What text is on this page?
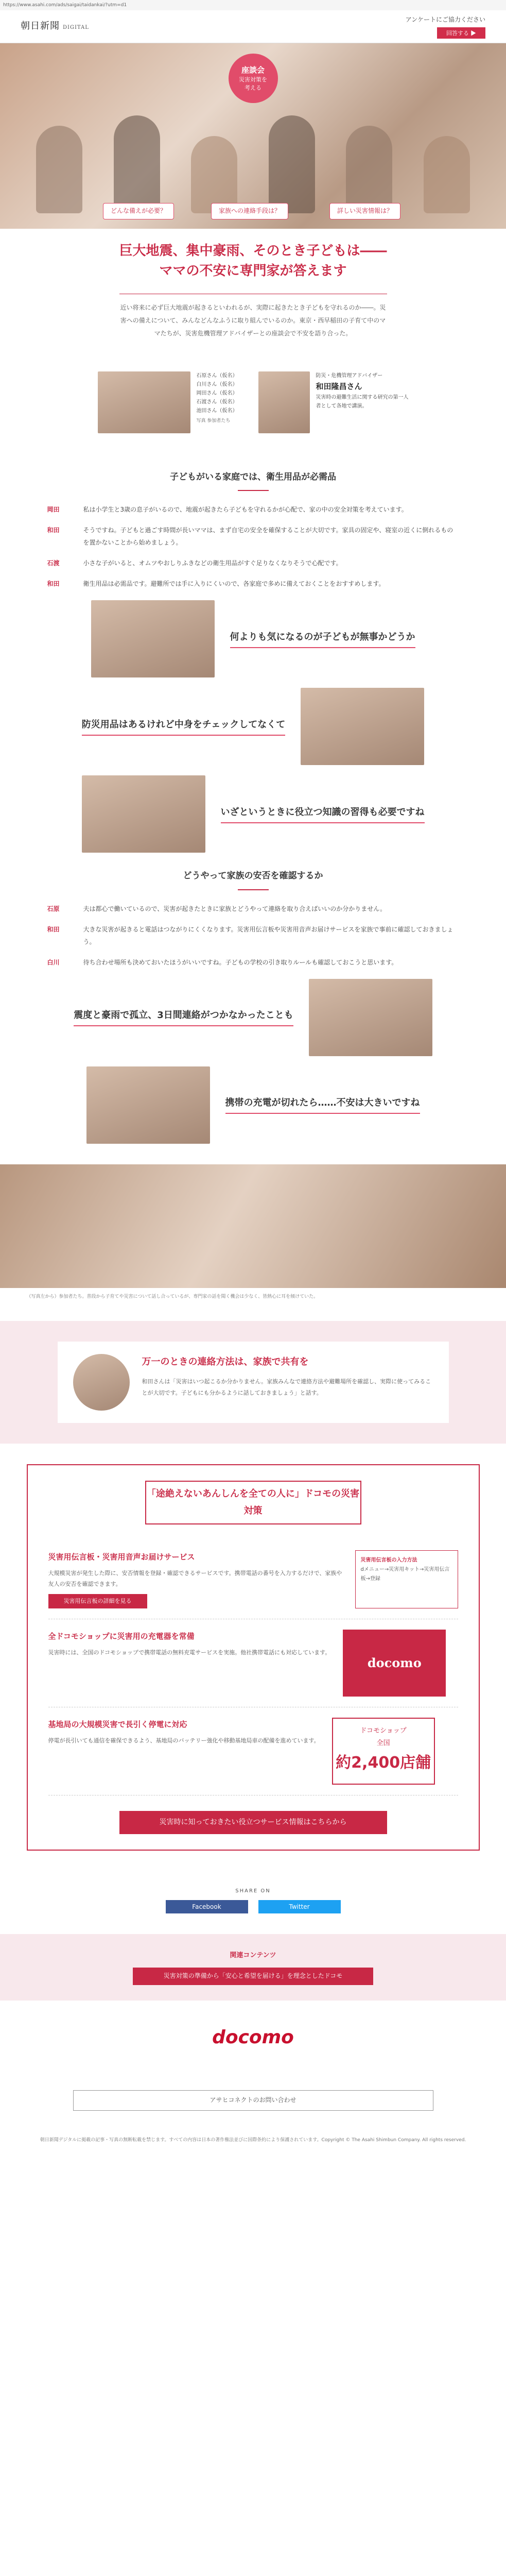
https://www.asahi.com/ads/saigai/taidankai/?utm=d1
朝日新聞 DIGITAL
アンケートにご協力ください
回答する ▶
座談会
災害対策を
考える
どんな備えが必要？	家族への連絡手段は？	詳しい災害情報は？
巨大地震、集中豪雨、そのとき子どもは――
ママの不安に専門家が答えます

近い将来に必ず巨大地震が起きるといわれるが、実際に起きたとき子どもを守れるのか――。災害への備えについて、みんなどんなふうに取り組んでいるのか。東京・西早稲田の子育て中のママたちが、災害危機管理アドバイザーとの座談会で不安を語り合った。

石原さん（仮名）
白川さん（仮名）
岡田さん（仮名）
石渡さん（仮名）
池田さん（仮名）
写真 参加者たち
防災・危機管理アドバイザー
和田隆昌さん
災害時の避難生活に関する研究の第一人者として各地で講演。
子どもがいる家庭では、衛生用品が必需品
岡田	私は小学生と3歳の息子がいるので、地震が起きたら子どもを守れるかが心配で、家の中の安全対策を考えています。
和田	そうですね。子どもと過ごす時間が長いママは、まず自宅の安全を確保することが大切です。家具の固定や、寝室の近くに倒れるものを置かないことから始めましょう。
石渡	小さな子がいると、オムツやおしりふきなどの衛生用品がすぐ足りなくなりそうで心配です。
和田	衛生用品は必需品です。避難所では手に入りにくいので、各家庭で多めに備えておくことをおすすめします。
何よりも気になるのが子どもが無事かどうか
防災用品はあるけれど中身をチェックしてなくて
いざというときに役立つ知識の習得も必要ですね
どうやって家族の安否を確認するか
石原	夫は都心で働いているので、災害が起きたときに家族とどうやって連絡を取り合えばいいのか分かりません。
和田	大きな災害が起きると電話はつながりにくくなります。災害用伝言板や災害用音声お届けサービスを家族で事前に確認しておきましょう。
白川	待ち合わせ場所も決めておいたほうがいいですね。子どもの学校の引き取りルールも確認しておこうと思います。
震度と豪雨で孤立、3日間連絡がつかなかったことも
携帯の充電が切れたら……不安は大きいですね

（写真左から）参加者たち。普段から子育てや災害について話し合っているが、専門家の話を聞く機会は少なく、皆熱心に耳を傾けていた。

万一のときの連絡方法は、家族で共有を

和田さんは「災害はいつ起こるか分かりません。家族みんなで連絡方法や避難場所を確認し、実際に使ってみることが大切です。子どもにも分かるように話しておきましょう」と話す。

「途絶えないあんしんを全ての人に」ドコモの災害対策
災害用伝言板・災害用音声お届けサービス

大規模災害が発生した際に、安否情報を登録・確認できるサービスです。携帯電話の番号を入力するだけで、家族や友人の安否を確認できます。

災害用伝言板の詳細を見る
災害用伝言板の入力方法
dメニュー→災害用キット→災害用伝言板→登録
全ドコモショップに災害用の充電器を常備

災害時には、全国のドコモショップで携帯電話の無料充電サービスを実施。他社携帯電話にも対応しています。

docomo
基地局の大規模災害で長引く停電に対応

停電が長引いても通信を確保できるよう、基地局のバッテリー強化や移動基地局車の配備を進めています。

ドコモショップ
全国
約2,400店舗
災害時に知っておきたい役立つサービス情報はこちらから
SHARE ON
Facebook	Twitter
関連コンテンツ
災害対策の準備から「安心と希望を届ける」を理念としたドコモ
docomo
アサヒコネクトのお問い合わせ
朝日新聞デジタルに掲載の記事・写真の無断転載を禁じます。すべての内容は日本の著作権法並びに国際条約により保護されています。Copyright © The Asahi Shimbun Company. All rights reserved.
